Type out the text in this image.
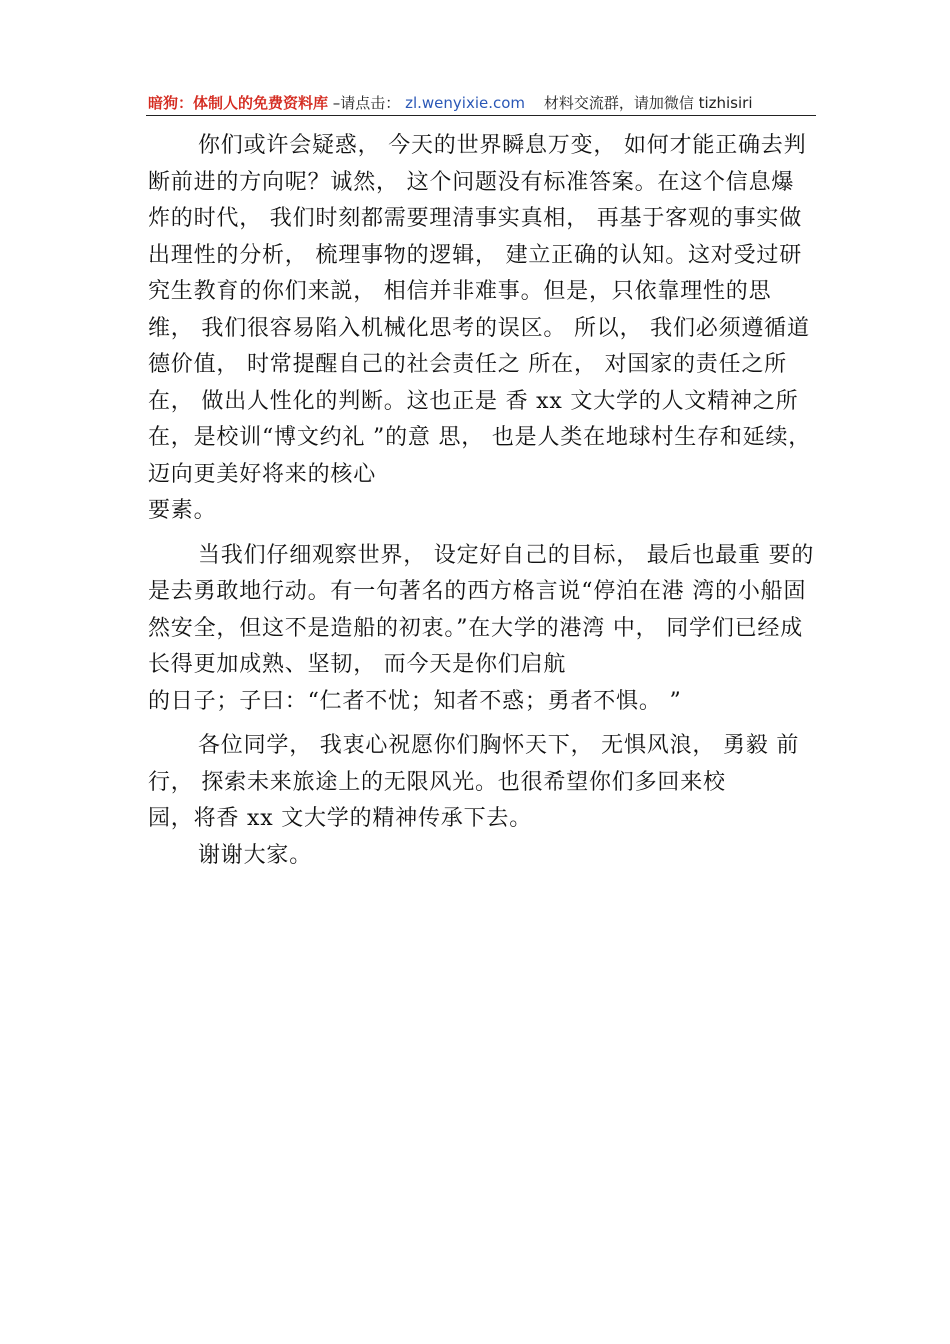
暗狗：体制人的免费资料库 –请点击： zl.wenyixie.com 材料交流群，请加微信 tizhisiri

你们或许会疑惑， 今天的世界瞬息万变， 如何才能正确去判断前进的方向呢？诚然， 这个问题没有标准答案。在这个信息爆炸的时代， 我们时刻都需要理清事实真相， 再基于客观的事实做出理性的分析， 梳理事物的逻辑， 建立正确的认知。这对受过研究生教育的你们来説， 相信并非难事。但是，只依靠理性的思维， 我们很容易陷入机械化思考的误区。 所以， 我们必须遵循道德价值， 时常提醒自己的社会责任之 所在， 对国家的责任之所在， 做出人性化的判断。这也正是 香 xx 文大学的人文精神之所在，是校训“博文约礼 ”的意 思， 也是人类在地球村生存和延续， 迈向更美好将来的核心

要素。

当我们仔细观察世界， 设定好自己的目标， 最后也最重 要的是去勇敢地行动。有一句著名的西方格言说“停泊在港 湾的小船固然安全，但这不是造船的初衷。”在大学的港湾 中， 同学们已经成长得更加成熟、坚韧， 而今天是你们启航

的日子；子曰：“仁者不忧；知者不惑；勇者不惧。 ”

各位同学， 我衷心祝愿你们胸怀天下， 无惧风浪， 勇毅 前行， 探索未来旅途上的无限风光。也很希望你们多回来校

园，将香 xx 文大学的精神传承下去。

谢谢大家。
